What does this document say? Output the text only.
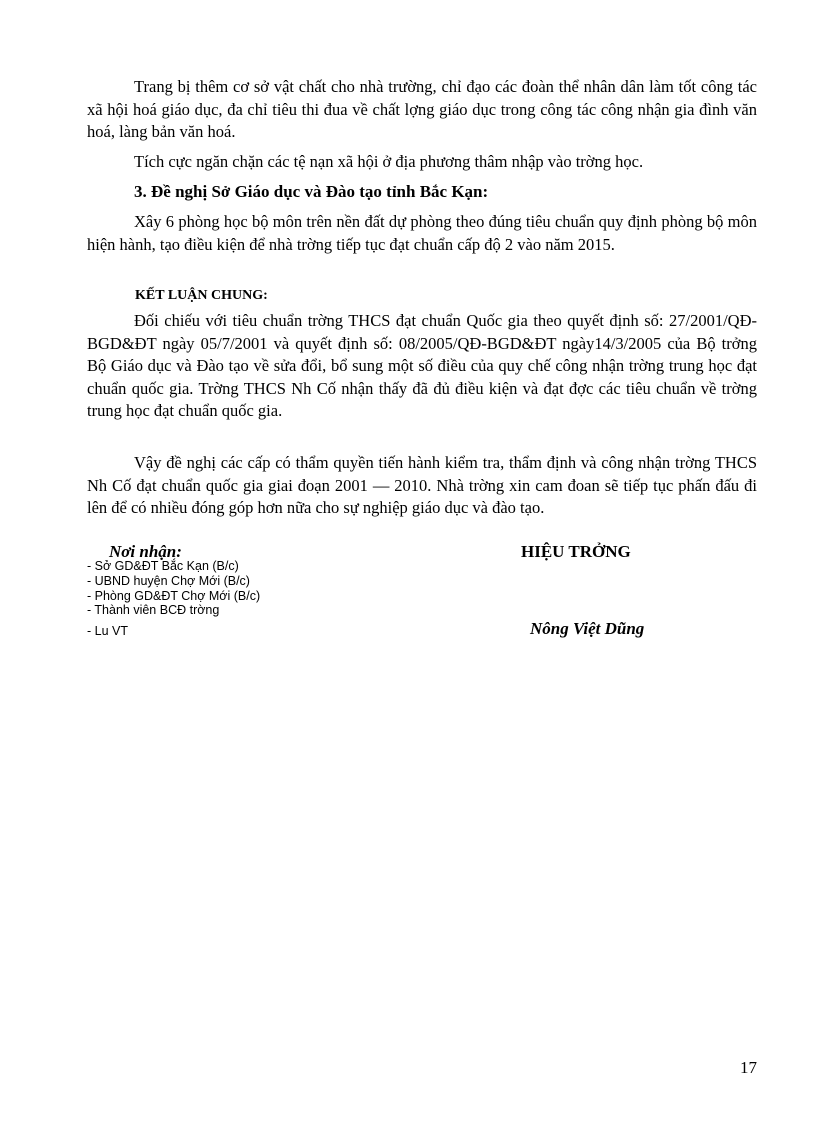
Trang bị thêm cơ sở vật chất cho nhà trường, chỉ đạo các đoàn thể nhân dân làm tốt công tác xã hội hoá giáo dục, đa chỉ tiêu thi đua về chất lợng giáo dục trong công tác công nhận gia đình văn hoá, làng bản văn hoá.

Tích cực ngăn chặn các tệ nạn xã hội ở địa phương thâm nhập vào trờng học.

3. Đề nghị Sở Giáo dục và Đào tạo tỉnh Bắc Kạn:

Xây 6 phòng học bộ môn trên nền đất dự phòng theo đúng tiêu chuẩn quy định phòng bộ môn hiện hành, tạo điều kiện để nhà trờng tiếp tục đạt chuẩn cấp độ 2 vào năm 2015.

KẾT LUẬN CHUNG:

Đối chiếu với tiêu chuẩn trờng THCS đạt chuẩn Quốc gia theo quyết định số: 27/2001/QĐ-BGD&ĐT ngày 05/7/2001 và quyết định số: 08/2005/QĐ-BGD&ĐT ngày14/3/2005 của Bộ trởng Bộ Giáo dục và Đào tạo về sửa đổi, bổ sung một số điều của quy chế công nhận trờng trung học đạt chuẩn quốc gia. Trờng THCS Nh Cố nhận thấy đã đủ điều kiện và đạt đợc các tiêu chuẩn về trờng trung học đạt chuẩn quốc gia.

Vậy đề nghị các cấp có thẩm quyền tiến hành kiểm tra, thẩm định và công nhận trờng THCS Nh Cố đạt chuẩn quốc gia giai đoạn 2001 — 2010. Nhà trờng xin cam đoan sẽ tiếp tục phấn đấu đi lên để có nhiều đóng góp hơn nữa cho sự nghiệp giáo dục và đào tạo.

Nơi nhận:
- Sở GD&ĐT Bắc Kạn (B/c)
- UBND huyện Chợ Mới (B/c)
- Phòng GD&ĐT Chợ Mới (B/c)
- Thành viên BCĐ trờng
- Lu VT
HIỆU TRỞNG
Nông Việt Dũng
17
